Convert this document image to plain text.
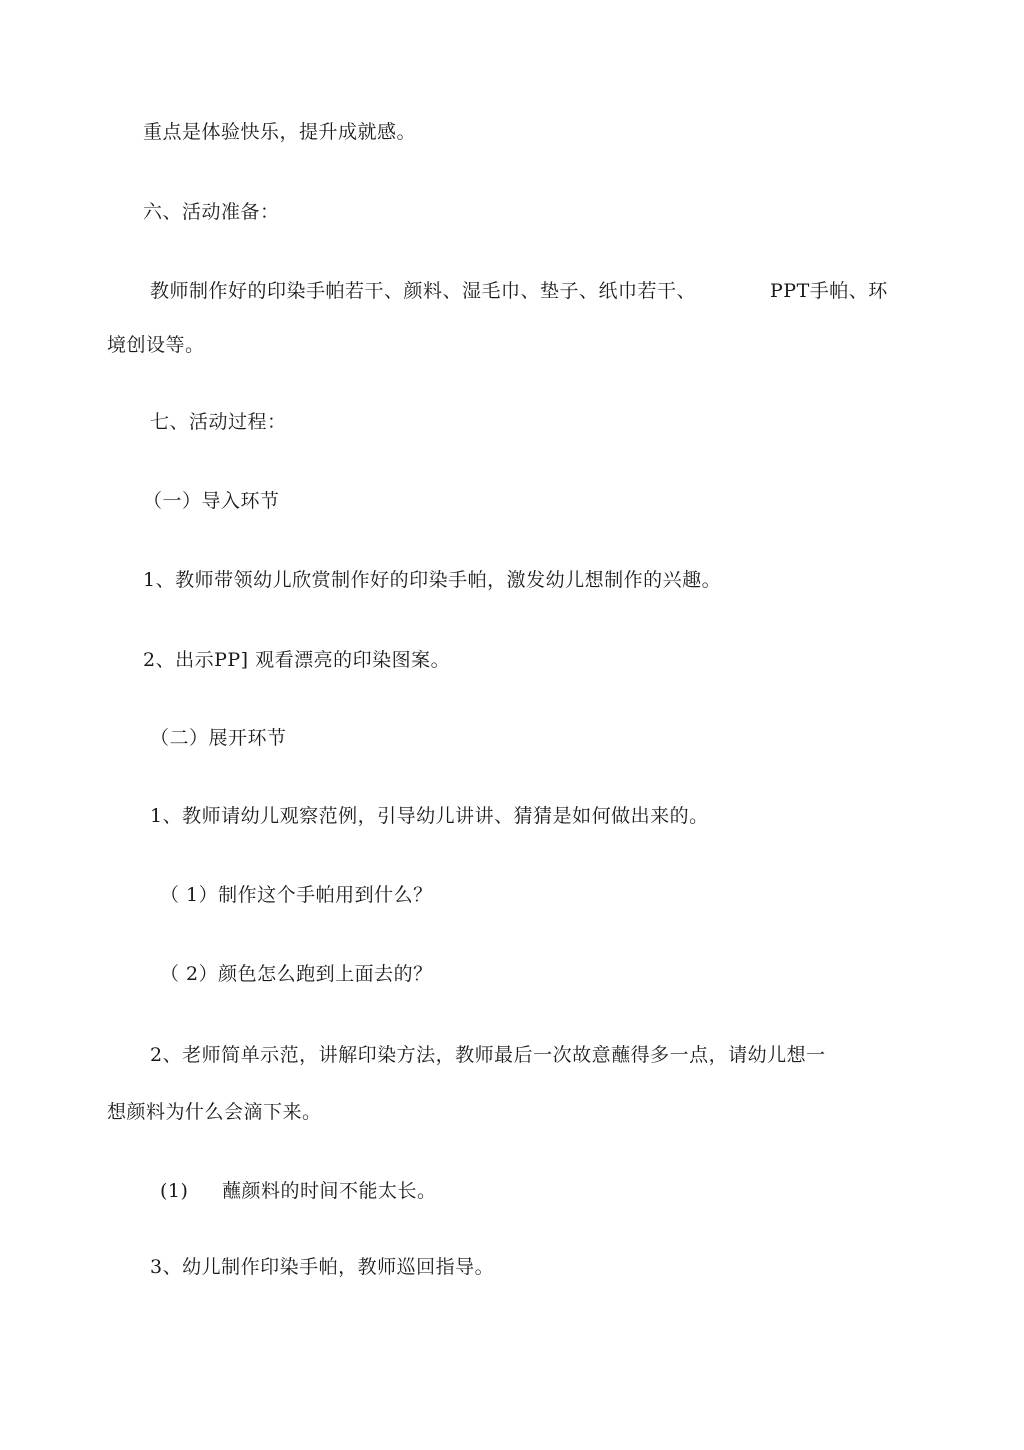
重点是体验快乐，提升成就感。
六、活动准备：
教师制作好的印染手帕若干、颜料、湿毛巾、垫子、纸巾若干、	PPT手帕、环
境创设等。
七、活动过程：
（一）导入环节
1、教师带领幼儿欣赏制作好的印染手帕，激发幼儿想制作的兴趣。
2、出示PP] 观看漂亮的印染图案。
（二）展开环节
1、教师请幼儿观察范例，引导幼儿讲讲、猜猜是如何做出来的。
（ 1）制作这个手帕用到什么？
（ 2）颜色怎么跑到上面去的？
2、老师简单示范，讲解印染方法，教师最后一次故意蘸得多一点，请幼儿想一
想颜料为什么会滴下来。
(1) 蘸颜料的时间不能太长。
3、幼儿制作印染手帕，教师巡回指导。
